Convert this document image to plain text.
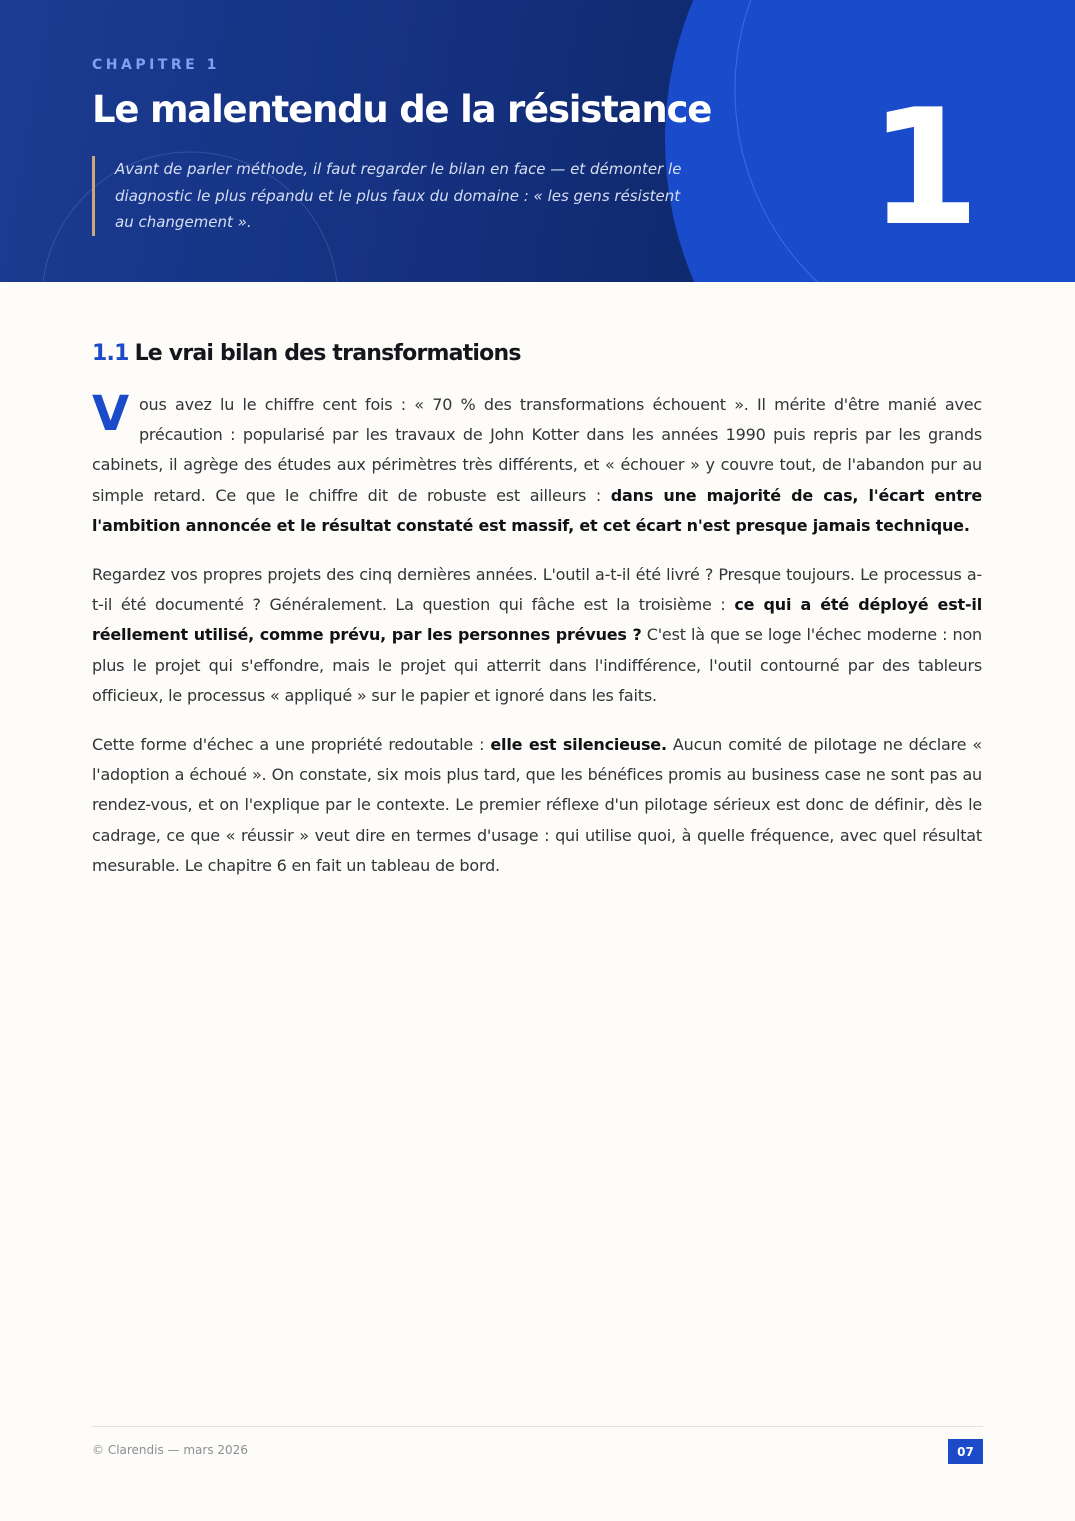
CHAPITRE 1
Le malentendu de la résistance
Avant de parler méthode, il faut regarder le bilan en face — et démonter le diagnostic le plus répandu et le plus faux du domaine : « les gens résistent au changement ».	1
1.1 Le vrai bilan des transformations

Vous avez lu le chiffre cent fois : « 70 % des transformations échouent ». Il mérite d'être manié avec précaution : popularisé par les travaux de John Kotter dans les années 1990 puis repris par les grands cabinets, il agrège des études aux périmètres très différents, et « échouer » y couvre tout, de l'abandon pur au simple retard. Ce que le chiffre dit de robuste est ailleurs : dans une majorité de cas, l'écart entre l'ambition annoncée et le résultat constaté est massif, et cet écart n'est presque jamais technique.

Regardez vos propres projets des cinq dernières années. L'outil a-t-il été livré ? Presque toujours. Le processus a-t-il été documenté ? Généralement. La question qui fâche est la troisième : ce qui a été déployé est-il réellement utilisé, comme prévu, par les personnes prévues ? C'est là que se loge l'échec moderne : non plus le projet qui s'effondre, mais le projet qui atterrit dans l'indifférence, l'outil contourné par des tableurs officieux, le processus « appliqué » sur le papier et ignoré dans les faits.

Cette forme d'échec a une propriété redoutable : elle est silencieuse. Aucun comité de pilotage ne déclare « l'adoption a échoué ». On constate, six mois plus tard, que les bénéfices promis au business case ne sont pas au rendez-vous, et on l'explique par le contexte. Le premier réflexe d'un pilotage sérieux est donc de définir, dès le cadrage, ce que « réussir » veut dire en termes d'usage : qui utilise quoi, à quelle fréquence, avec quel résultat mesurable. Le chapitre 6 en fait un tableau de bord.

© Clarendis — mars 2026	07
